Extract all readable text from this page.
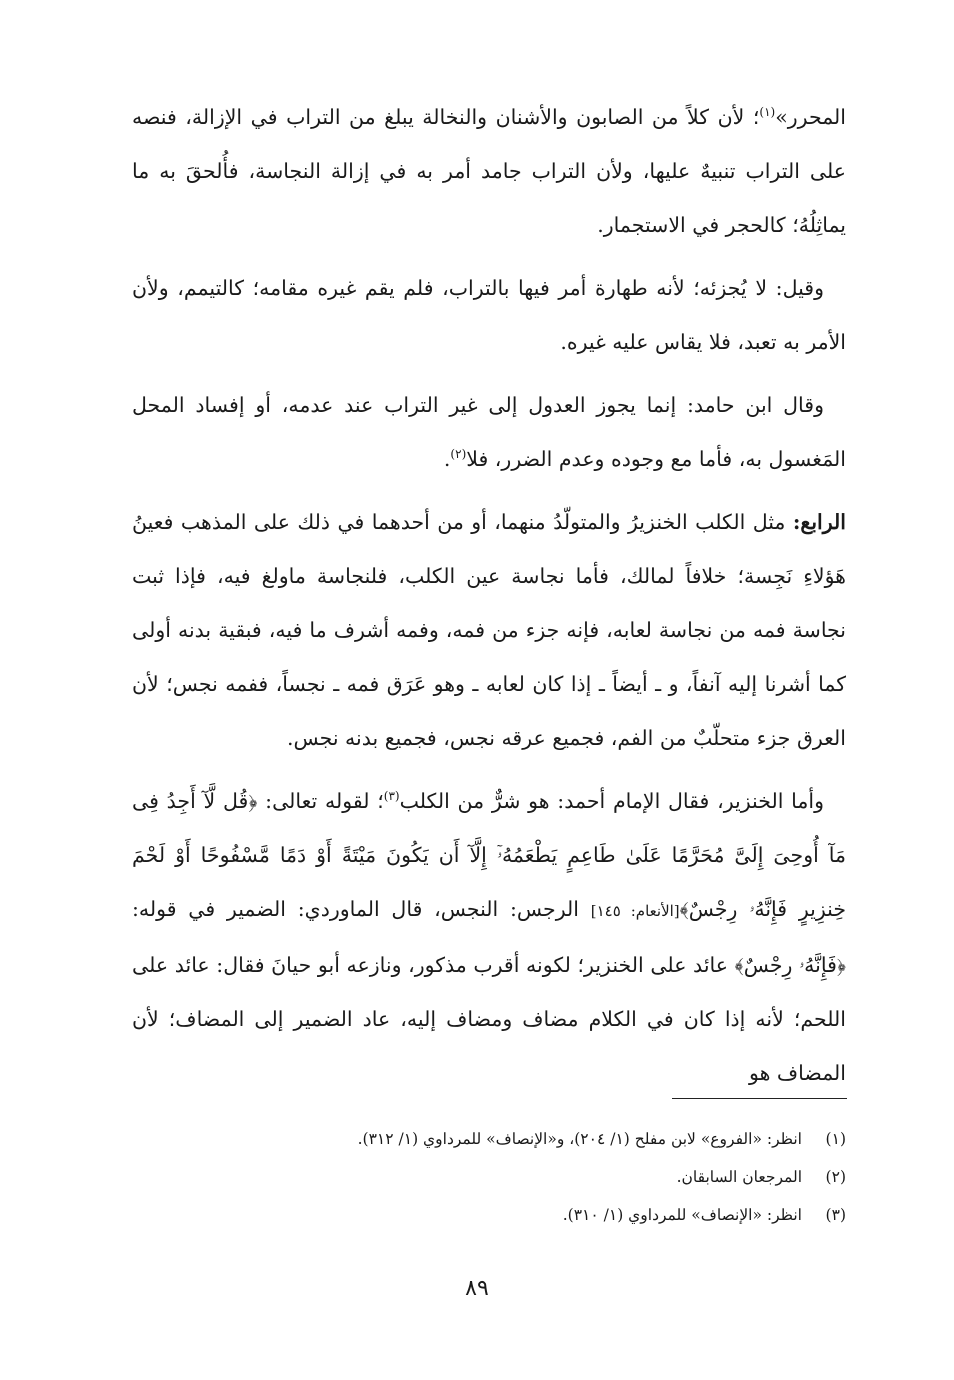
المحرر»$^{(١)}$؛ لأن كلاً من الصابون والأشنان والنخالة يبلغ من التراب في الإزالة، فنصه على التراب تنبيهٌ عليها، ولأن التراب جامد أمر به في إزالة النجاسة، فأُلحقَ به ما يماثِلُهُ؛ كالحجر في الاستجمار.

وقيل: لا يُجزئه؛ لأنه طهارة أمر فيها بالتراب، فلم يقم غيره مقامه؛ كالتيمم، ولأن الأمر به تعبد، فلا يقاس عليه غيره.

وقال ابن حامد: إنما يجوز العدول إلى غير التراب عند عدمه، أو إفساد المحل المَغسول به، فأما مع وجوده وعدم الضرر، فلا$^{(٢)}$.

الرابع: مثل الكلب الخنزيرُ والمتولّدُ منهما، أو من أحدهما في ذلك على المذهب فعينُ هَؤلاءِ نَجِسة؛ خلافاً لمالك، فأما نجاسة عين الكلب، فلنجاسة ماولغ فيه، فإذا ثبت نجاسة فمه من نجاسة لعابه، فإنه جزء من فمه، وفمه أشرف ما فيه، فبقية بدنه أولى كما أشرنا إليه آنفاً، و ـ أيضاً ـ إذا كان لعابه ـ وهو عَرَق فمه ـ نجساً، ففمه نجس؛ لأن العرق جزء متحلّبٌ من الفم، فجميع عرقه نجس، فجميع بدنه نجس.

وأما الخنزير، فقال الإمام أحمد: هو شرٌّ من الكلب$^{(٣)}$؛ لقوله تعالى: ﴿قُل لَّآ أَجِدُ فِى مَآ أُوحِىَ إِلَىَّ مُحَرَّمًا عَلَىٰ طَاعِمٍ يَطْعَمُهُۥٓ إِلَّآ أَن يَكُونَ مَيْتَةً أَوْ دَمًا مَّسْفُوحًا أَوْ لَحْمَ خِنزِيرٍ فَإِنَّهُۥ رِجْسٌ﴾[الأنعام: ١٤٥] الرجس: النجس، قال الماوردي: الضمير في قوله: ﴿فَإِنَّهُۥ رِجْسٌ﴾ عائد على الخنزير؛ لكونه أقرب مذكور، ونازعه أبو حيانَ فقال: عائد على اللحم؛ لأنه إذا كان في الكلام مضاف ومضاف إليه، عاد الضمير إلى المضاف؛ لأن المضاف هو

(١)
انظر: «الفروع» لابن مفلح (١/ ٢٠٤)، و«الإنصاف» للمرداوي (١/ ٣١٢).
(٢)
المرجعان السابقان.
(٣)
انظر: «الإنصاف» للمرداوي (١/ ٣١٠).
٨٩
